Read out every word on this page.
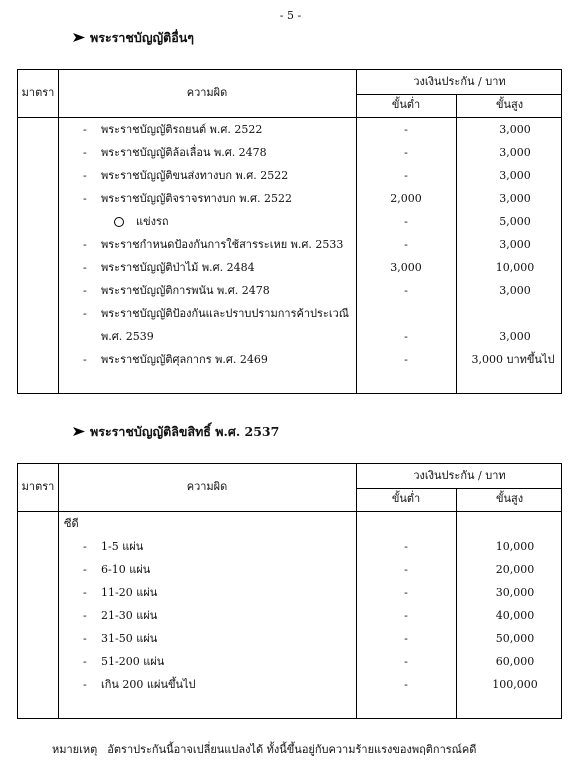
- 5 -
พระราชบัญญัติอื่นๆ
มาตรา	ความผิด
วงเงินประกัน / บาท
ขั้นต่ำ	ขั้นสูง
- พระราชบัญญัติรถยนต์ พ.ศ. 2522	-	3,000
- พระราชบัญญัติล้อเลื่อน พ.ศ. 2478	-	3,000
- พระราชบัญญัติขนส่งทางบก พ.ศ. 2522	-	3,000
- พระราชบัญญัติจราจรทางบก พ.ศ. 2522	2,000	3,000
แข่งรถ	-	5,000
- พระราชกำหนดป้องกันการใช้สารระเหย พ.ศ. 2533	-	3,000
- พระราชบัญญัติป่าไม้ พ.ศ. 2484	3,000	10,000
- พระราชบัญญัติการพนัน พ.ศ. 2478	-	3,000
- พระราชบัญญัติป้องกันและปราบปรามการค้าประเวณี
พ.ศ. 2539	-	3,000
- พระราชบัญญัติศุลกากร พ.ศ. 2469	-	3,000 บาทขึ้นไป
พระราชบัญญัติลิขสิทธิ์ พ.ศ. 2537
มาตรา	ความผิด
วงเงินประกัน / บาท
ขั้นต่ำ	ขั้นสูง
ซีดี
- 1-5 แผ่น	-	10,000
- 6-10 แผ่น	-	20,000
- 11-20 แผ่น	-	30,000
- 21-30 แผ่น	-	40,000
- 31-50 แผ่น	-	50,000
- 51-200 แผ่น	-	60,000
- เกิน 200 แผ่นขึ้นไป	-	100,000
หมายเหตุ อัตราประกันนี้อาจเปลี่ยนแปลงได้ ทั้งนี้ขึ้นอยู่กับความร้ายแรงของพฤติการณ์คดี
